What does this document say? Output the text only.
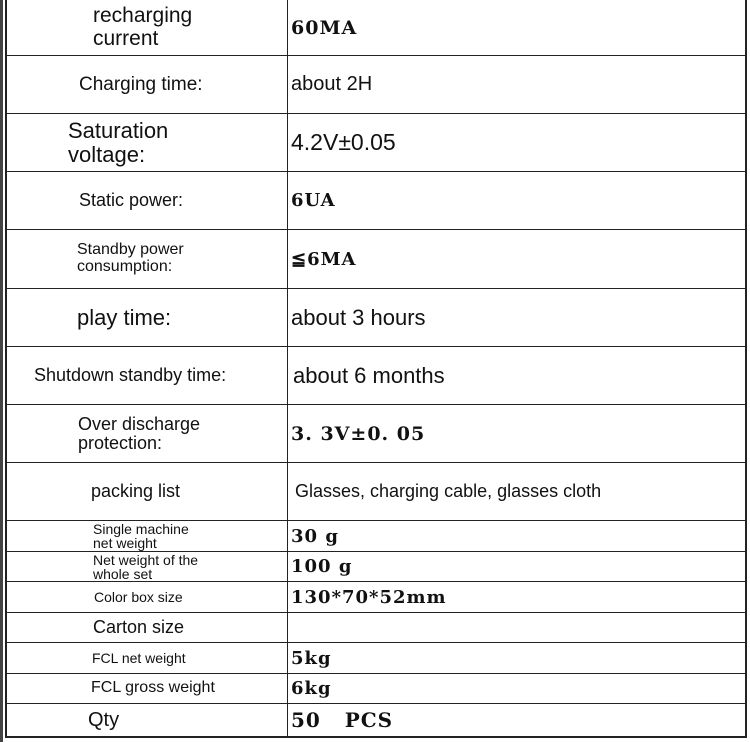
recharging
current	60MA
Charging time:	about 2H
Saturation
voltage:	4.2V±0.05
Static power:	6UA
Standby power
consumption:	≦6MA
play time:	about 3 hours
Shutdown standby time:	about 6 months
Over discharge
protection:	3. 3V±0. 05
packing list	Glasses, charging cable, glasses cloth
Single machine
net weight	30 g
Net weight of the
whole set	100 g
Color box size	130*70*52mm
Carton size
FCL net weight	5kg
FCL gross weight	6kg
Qty	50   PCS
